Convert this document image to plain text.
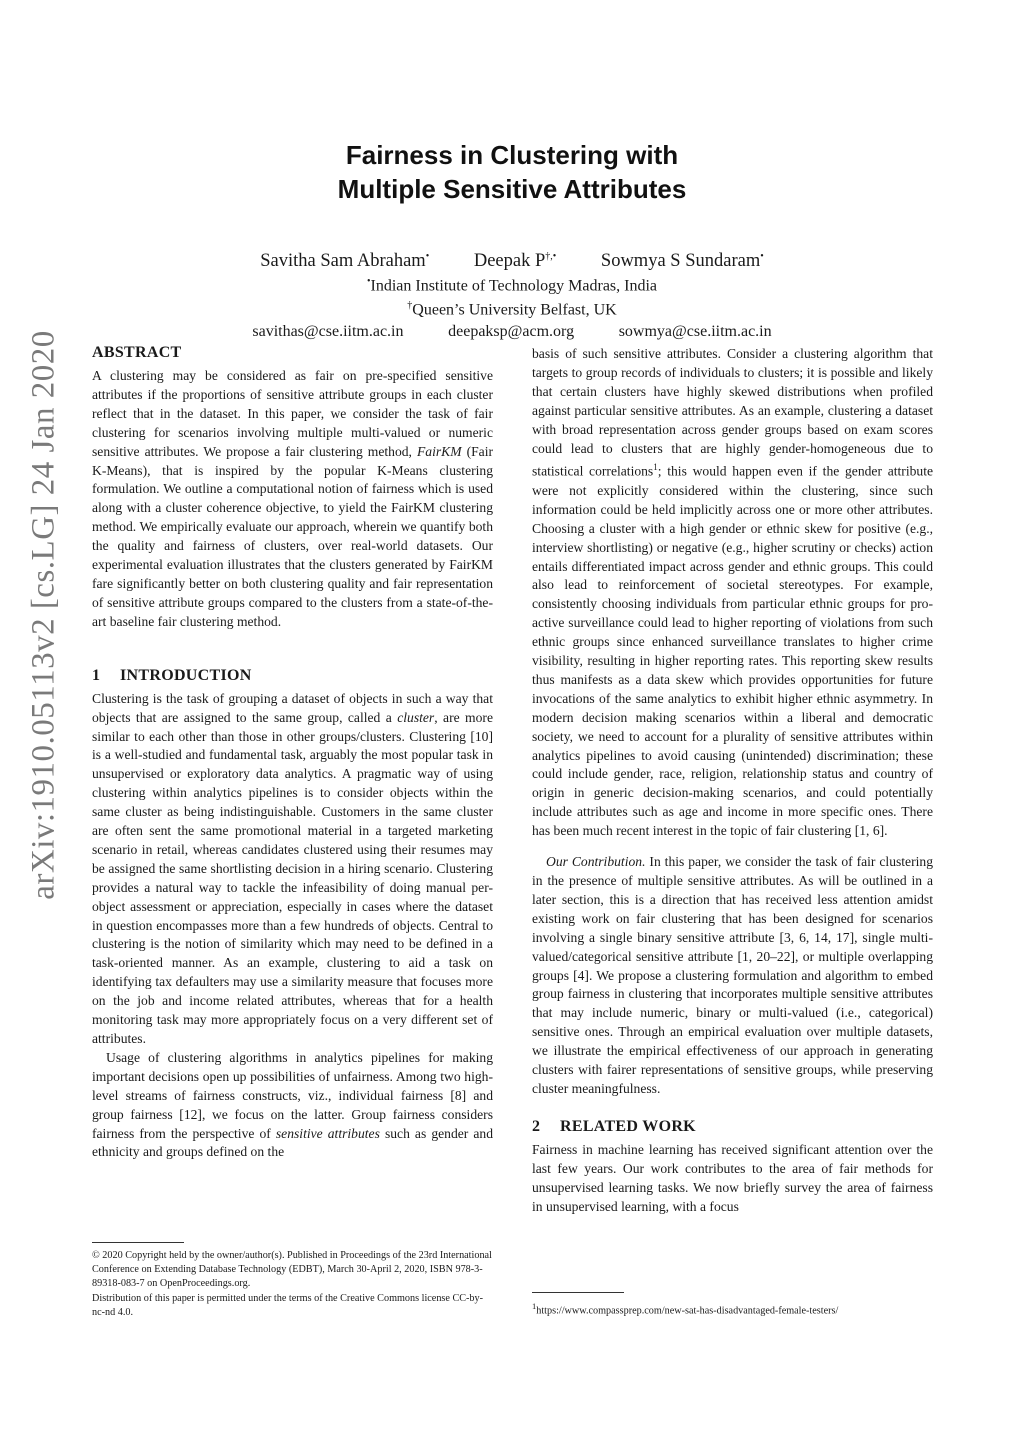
arXiv:1910.05113v2 [cs.LG] 24 Jan 2020
Fairness in Clustering with
Multiple Sensitive Attributes
Savitha Sam Abraham• Deepak P†,• Sowmya S Sundaram•
•Indian Institute of Technology Madras, India
†Queen’s University Belfast, UK
savithas@cse.iitm.ac.in	deepaksp@acm.org	sowmya@cse.iitm.ac.in
ABSTRACT

A clustering may be considered as fair on pre-specified sensitive attributes if the proportions of sensitive attribute groups in each cluster reflect that in the dataset. In this paper, we consider the task of fair clustering for scenarios involving multiple multi-valued or numeric sensitive attributes. We propose a fair clustering method, FairKM (Fair K-Means), that is inspired by the popular K-Means clustering formulation. We outline a computational notion of fairness which is used along with a cluster coherence objective, to yield the FairKM clustering method. We empirically evaluate our approach, wherein we quantify both the quality and fairness of clusters, over real-world datasets. Our experimental evaluation illustrates that the clusters generated by FairKM fare significantly better on both clustering quality and fair representation of sensitive attribute groups compared to the clusters from a state-of-the-art baseline fair clustering method.

1 INTRODUCTION

Clustering is the task of grouping a dataset of objects in such a way that objects that are assigned to the same group, called a cluster, are more similar to each other than those in other groups/clusters. Clustering [10] is a well-studied and fundamental task, arguably the most popular task in unsupervised or exploratory data analytics. A pragmatic way of using clustering within analytics pipelines is to consider objects within the same cluster as being indistinguishable. Customers in the same cluster are often sent the same promotional material in a targeted marketing scenario in retail, whereas candidates clustered using their resumes may be assigned the same shortlisting decision in a hiring scenario. Clustering provides a natural way to tackle the infeasibility of doing manual per-object assessment or appreciation, especially in cases where the dataset in question encompasses more than a few hundreds of objects. Central to clustering is the notion of similarity which may need to be defined in a task-oriented manner. As an example, clustering to aid a task on identifying tax defaulters may use a similarity measure that focuses more on the job and income related attributes, whereas that for a health monitoring task may more appropriately focus on a very different set of attributes.

Usage of clustering algorithms in analytics pipelines for making important decisions open up possibilities of unfairness. Among two high-level streams of fairness constructs, viz., individual fairness [8] and group fairness [12], we focus on the latter. Group fairness considers fairness from the perspective of sensitive attributes such as gender and ethnicity and groups defined on the

© 2020 Copyright held by the owner/author(s). Published in Proceedings of the 23rd International Conference on Extending Database Technology (EDBT), March 30-April 2, 2020, ISBN 978-3-89318-083-7 on OpenProceedings.org.
Distribution of this paper is permitted under the terms of the Creative Commons license CC-by-nc-nd 4.0.

basis of such sensitive attributes. Consider a clustering algorithm that targets to group records of individuals to clusters; it is possible and likely that certain clusters have highly skewed distributions when profiled against particular sensitive attributes. As an example, clustering a dataset with broad representation across gender groups based on exam scores could lead to clusters that are highly gender-homogeneous due to statistical correlations$^1$; this would happen even if the gender attribute were not explicitly considered within the clustering, since such information could be held implicitly across one or more other attributes. Choosing a cluster with a high gender or ethnic skew for positive (e.g., interview shortlisting) or negative (e.g., higher scrutiny or checks) action entails differentiated impact across gender and ethnic groups. This could also lead to reinforcement of societal stereotypes. For example, consistently choosing individuals from particular ethnic groups for pro-active surveillance could lead to higher reporting of violations from such ethnic groups since enhanced surveillance translates to higher crime visibility, resulting in higher reporting rates. This reporting skew results thus manifests as a data skew which provides opportunities for future invocations of the same analytics to exhibit higher ethnic asymmetry. In modern decision making scenarios within a liberal and democratic society, we need to account for a plurality of sensitive attributes within analytics pipelines to avoid causing (unintended) discrimination; these could include gender, race, religion, relationship status and country of origin in generic decision-making scenarios, and could potentially include attributes such as age and income in more specific ones. There has been much recent interest in the topic of fair clustering [1, 6].

Our Contribution. In this paper, we consider the task of fair clustering in the presence of multiple sensitive attributes. As will be outlined in a later section, this is a direction that has received less attention amidst existing work on fair clustering that has been designed for scenarios involving a single binary sensitive attribute [3, 6, 14, 17], single multi-valued/categorical sensitive attribute [1, 20–22], or multiple overlapping groups [4]. We propose a clustering formulation and algorithm to embed group fairness in clustering that incorporates multiple sensitive attributes that may include numeric, binary or multi-valued (i.e., categorical) sensitive ones. Through an empirical evaluation over multiple datasets, we illustrate the empirical effectiveness of our approach in generating clusters with fairer representations of sensitive groups, while preserving cluster meaningfulness.

2 RELATED WORK

Fairness in machine learning has received significant attention over the last few years. Our work contributes to the area of fair methods for unsupervised learning tasks. We now briefly survey the area of fairness in unsupervised learning, with a focus

$^1$https://www.compassprep.com/new-sat-has-disadvantaged-female-testers/
